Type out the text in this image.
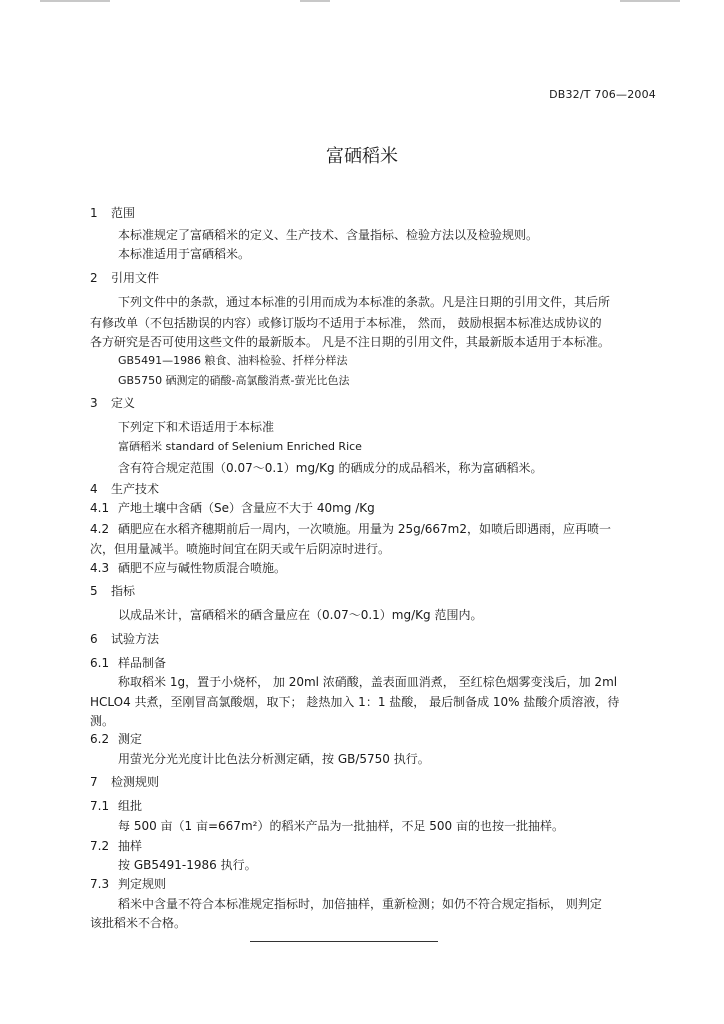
DB32/T 706—2004
富硒稻米
1 范围
本标准规定了富硒稻米的定义、生产技术、含量指标、检验方法以及检验规则。
本标准适用于富硒稻米。
2 引用文件
下列文件中的条款，通过本标准的引用而成为本标准的条款。凡是注日期的引用文件，其后所
有修改单（不包括勘误的内容）或修订版均不适用于本标准， 然而， 鼓励根据本标准达成协议的
各方研究是否可使用这些文件的最新版本。 凡是不注日期的引用文件，其最新版本适用于本标准。
GB5491—1986 粮食、油料检验、扦样分样法
GB5750 硒测定的硝酸-高氯酸消煮-萤光比色法
3 定义
下列定下和术语适用于本标准
富硒稻米 standard of Selenium Enriched Rice
含有符合规定范围（0.07～0.1）mg/Kg 的硒成分的成品稻米，称为富硒稻米。
4 生产技术
4.1 产地土壤中含硒（Se）含量应不大于 40mg /Kg
4.2 硒肥应在水稻齐穗期前后一周内，一次喷施。用量为 25g/667m2，如喷后即遇雨，应再喷一
次，但用量减半。喷施时间宜在阴天或午后阴凉时进行。
4.3 硒肥不应与碱性物质混合喷施。
5 指标
以成品米计，富硒稻米的硒含量应在（0.07～0.1）mg/Kg 范围内。
6 试验方法
6.1 样品制备
称取稻米 1g，置于小烧杯， 加 20ml 浓硝酸，盖表面皿消煮， 至红棕色烟雾变浅后，加 2ml
HCLO4 共煮，至刚冒高氯酸烟，取下； 趁热加入 1：1 盐酸， 最后制备成 10% 盐酸介质溶液，待
测。
6.2 测定
用萤光分光光度计比色法分析测定硒，按 GB/5750 执行。
7 检测规则
7.1 组批
每 500 亩（1 亩=667m²）的稻米产品为一批抽样，不足 500 亩的也按一批抽样。
7.2 抽样
按 GB5491-1986 执行。
7.3 判定规则
稻米中含量不符合本标准规定指标时，加倍抽样，重新检测；如仍不符合规定指标， 则判定
该批稻米不合格。
